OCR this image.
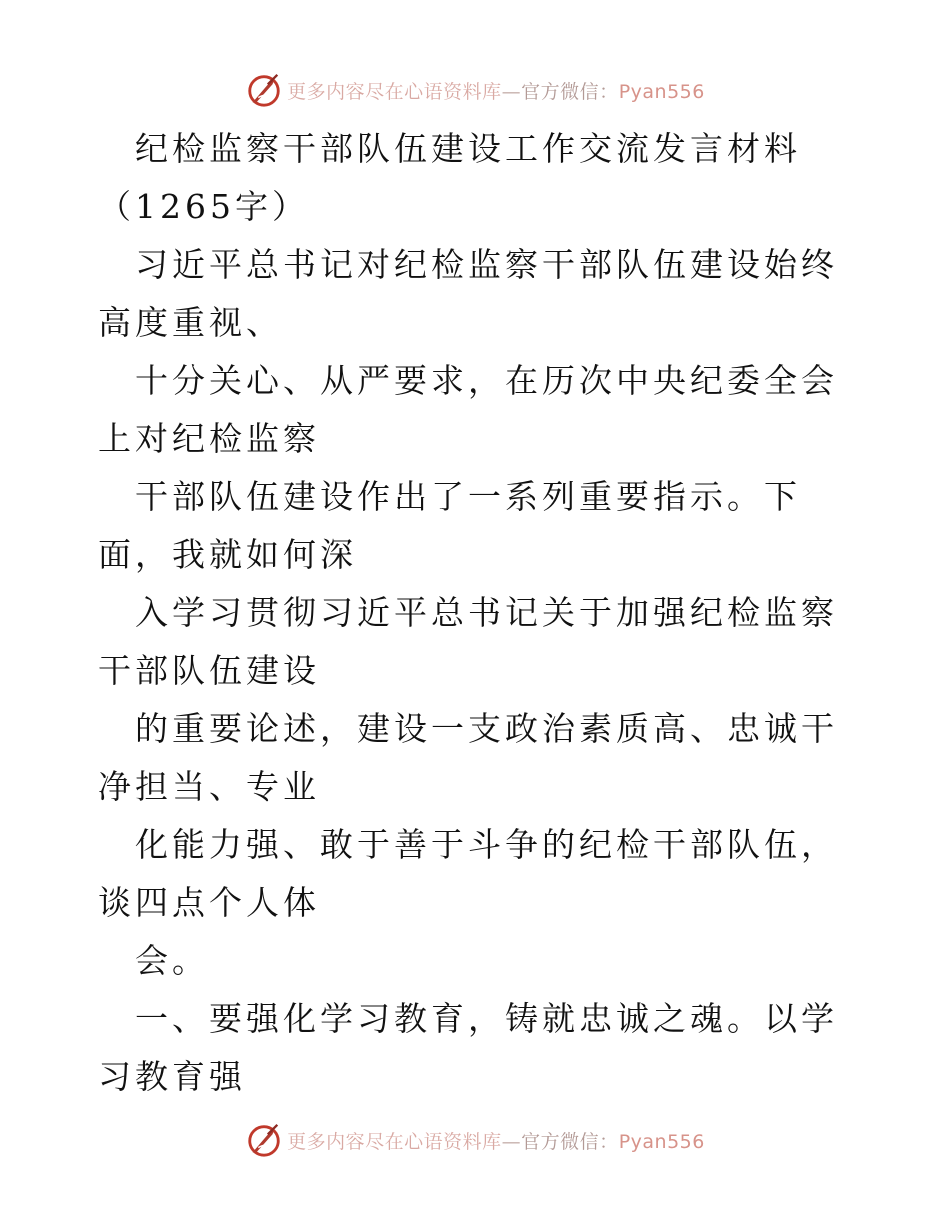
更多内容尽在心语资料库—官方微信：Pyan556

纪检监察干部队伍建设工作交流发言材料（1265字）

习近平总书记对纪检监察干部队伍建设始终高度重视、

十分关心、从严要求，在历次中央纪委全会上对纪检监察

干部队伍建设作出了一系列重要指示。下面，我就如何深

入学习贯彻习近平总书记关于加强纪检监察干部队伍建设

的重要论述，建设一支政治素质高、忠诚干净担当、专业

化能力强、敢于善于斗争的纪检干部队伍，谈四点个人体

会。

一、要强化学习教育，铸就忠诚之魂。以学习教育强

更多内容尽在心语资料库—官方微信：Pyan556
